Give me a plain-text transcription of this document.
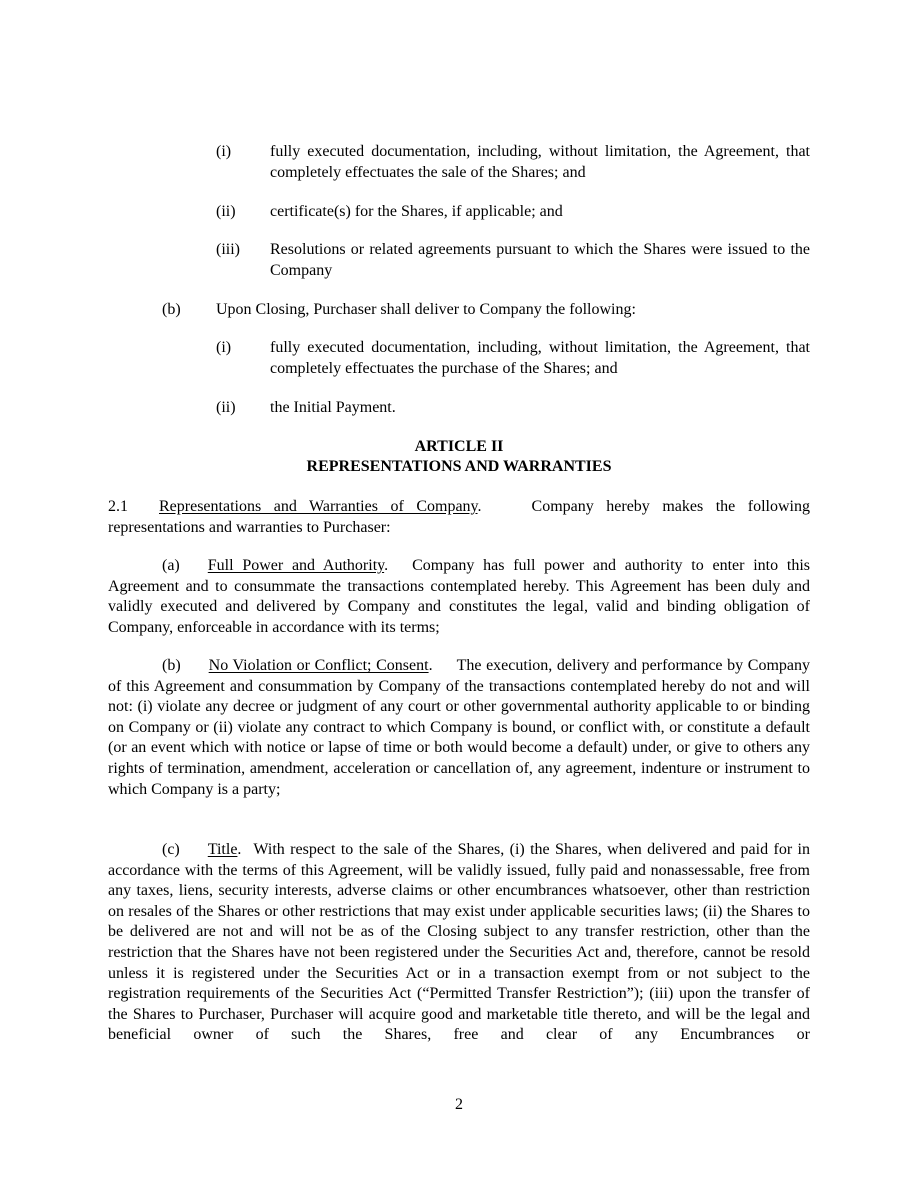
(i) fully executed documentation, including, without limitation, the Agreement, that completely effectuates the sale of the Shares; and
(ii) certificate(s) for the Shares, if applicable; and
(iii) Resolutions or related agreements pursuant to which the Shares were issued to the Company
(b) Upon Closing, Purchaser shall deliver to Company the following:
(i) fully executed documentation, including, without limitation, the Agreement, that completely effectuates the purchase of the Shares; and
(ii) the Initial Payment.
ARTICLE II
REPRESENTATIONS AND WARRANTIES
2.1 Representations and Warranties of Company.	Company hereby makes the following representations and warranties to Purchaser:
(a) Full Power and Authority. Company has full power and authority to enter into this Agreement and to consummate the transactions contemplated hereby. This Agreement has been duly and validly executed and delivered by Company and constitutes the legal, valid and binding obligation of Company, enforceable in accordance with its terms;
(b) No Violation or Conflict; Consent. The execution, delivery and performance by Company of this Agreement and consummation by Company of the transactions contemplated hereby do not and will not: (i) violate any decree or judgment of any court or other governmental authority applicable to or binding on Company or (ii) violate any contract to which Company is bound, or conflict with, or constitute a default (or an event which with notice or lapse of time or both would become a default) under, or give to others any rights of termination, amendment, acceleration or cancellation of, any agreement, indenture or instrument to which Company is a party;
(c) Title. With respect to the sale of the Shares, (i) the Shares, when delivered and paid for in accordance with the terms of this Agreement, will be validly issued, fully paid and nonassessable, free from any taxes, liens, security interests, adverse claims or other encumbrances whatsoever, other than restriction on resales of the Shares or other restrictions that may exist under applicable securities laws; (ii) the Shares to be delivered are not and will not be as of the Closing subject to any transfer restriction, other than the restriction that the Shares have not been registered under the Securities Act and, therefore, cannot be resold unless it is registered under the Securities Act or in a transaction exempt from or not subject to the registration requirements of the Securities Act (“Permitted Transfer Restriction”); (iii) upon the transfer of the Shares to Purchaser, Purchaser will acquire good and marketable title thereto, and will be the legal and beneficial owner of such the Shares, free and clear of any Encumbrances or
2
